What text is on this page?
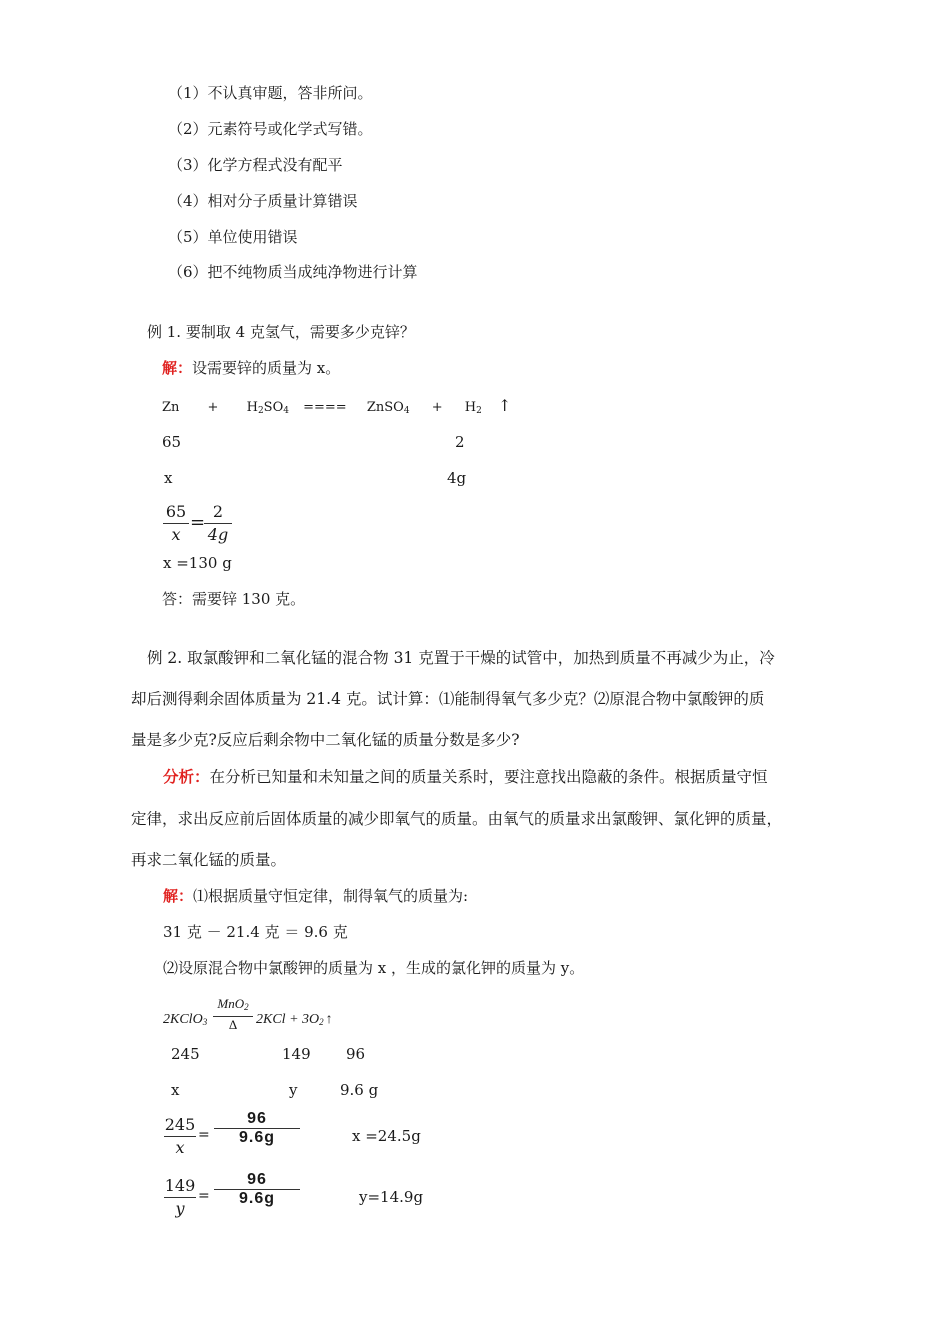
（1）不认真审题，答非所问。
（2）元素符号或化学式写错。
（3）化学方程式没有配平
（4）相对分子质量计算错误
（5）单位使用错误
（6）把不纯物质当成纯净物进行计算
例 1. 要制取 4 克氢气，需要多少克锌？
解：设需要锌的质量为 x。
$Zn + H_2SO_4$ ==== ZnSO$_4$ + $H_2$ ↑
65	2
x	4g
65
x
=
2
4g
x =130 g
答：需要锌 130 克。
例 2. 取氯酸钾和二氧化锰的混合物 31 克置于干燥的试管中，加热到质量不再减少为止，冷
却后测得剩余固体质量为 21.4 克。试计算：⑴能制得氧气多少克？⑵原混合物中氯酸钾的质
量是多少克?反应后剩余物中二氧化锰的质量分数是多少?
分析：在分析已知量和未知量之间的质量关系时，要注意找出隐蔽的条件。根据质量守恒
定律，求出反应前后固体质量的减少即氧气的质量。由氧气的质量求出氯酸钾、氯化钾的质量，
再求二氧化锰的质量。
解：⑴根据质量守恒定律，制得氧气的质量为:
31 克 － 21.4 克 ＝ 9.6 克
⑵设原混合物中氯酸钾的质量为 x ，生成的氯化钾的质量为 y。
2KClO$_3$
MnO$_2$
Δ	$2KCl + 3O_2$ ↑
245	149 96
x	y	9.6 g
245
x
=
96
9.6g	x =24.5g
149
y
=
96
9.6g	y=14.9g
